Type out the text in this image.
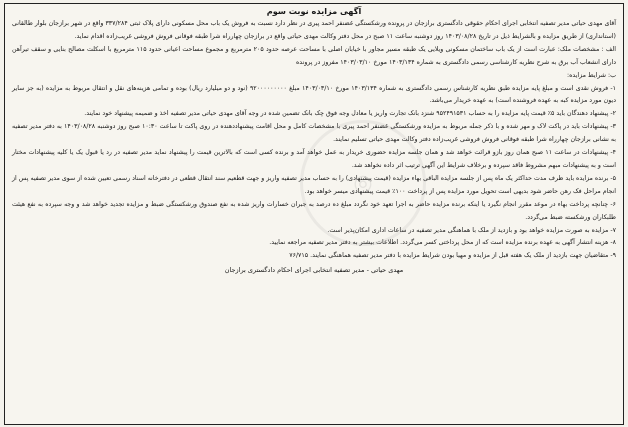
آگهی مزایده نوبت سوم

آقای مهدی حیاتی مدیر تصفیه انتخابی اجرای احکام حقوقی دادگستری برازجان در پرونده ورشکستگی غضنفر احمد پیری در نظر دارد نسبت به فروش یک باب محل مسکونی دارای پلاک ثبتی ۳۳۷/۲۸۴ واقع در شهر برازجان بلوار طالقانی (استانداری) از طریق مزایده و بالشرایط ذیل در تاریخ ۱۴۰۳/۰۸/۲۸ روز دوشنبه ساعت ۱۱ صبح در محل دفتر وکالت مهدی حیاتی واقع در برازجان چهارراه شرا طبقه فوقانی فروش فروشی غریب‌زاده اقدام نماید.

الف : مشخصات ملک: عبارت است از یک باب ساختمان مسکونی ویلایی یک طبقه مسیر مجاور با خیابان اصلی با مساحت عرصه حدود ۲۰۵ مترمربع و مجموع مساحت اعیانی حدود ۱۱۵ مترمربع با اسکلت مصالح بنایی و سقف تیرآهن دارای انشعاب آب برق به شرح نظریه کارشناسی رسمی دادگستری به شماره ۱۴۰۳/۱۳۴ مورخ ۱۴۰۳/۰۳/۱۰ مفروز در پرونده

ب: شرایط مزایده:

۱- فروش نقدی است و مبلغ پایه مزایده طبق نظریه کارشناس رسمی دادگستری به شماره ۱۴۰۳/۱۳۴ مورخ ۱۴۰۳/۰۳/۱۰ مبلغ ۹۲۰۰۰۰۰۰۰۰۰ (نود و دو میلیارد ریال) بوده و تمامی هزینه‌های نقل و انتقال مربوط به مزایده (به جز سایر دیون مورد مزایده کبه به عهده فروشنده است) به عهده خریدار می‌باشد.

۲- پیشنهاد دهندگان باید ۵٪ قیمت پایه مزایده را به حساب ۹۵۲۴۹۱۵۳۱ شنزد بانک تجارت واریز یا معادل وجه فوق چک بانک تضمین شده در وجه آقای مهدی حیاتی مدیر تصفیه اخذ و ضمیمه پیشنهاد خود نمایند.

۳- پیشنهادات باید در پاکت لاک و مهر شده و با ذکر جمله مربوط به مزایده ورشکستگی غضنفر احمد پیری با مشخصات کامل و محل اقامت پیشنهاددهنده در روی پاکت تا ساعت ۱۰:۳۰ صبح روز دوشنبه ۱۴۰۳/۰۸/۲۸ به دفتر مدیر تصفیه به نشانی برازجان چهارراه شرا طبقه فوقانی فروش فروشی غریب‌زاده دفتر وکالت مهدی حیاتی تسلیم نمایند.

۴- پیشنهادات در ساعت ۱۱ صبح همان روز بازو قرائت خواهد شد و همان جلسه مزایده حضوری خریدار به عمل خواهد آمد و برنده کسی است که بالاترین قیمت را پیشنهاد نماید مدیر تصفیه در رد یا قبول یک یا کلیه پیشنهادات مختار است و به پیشنهادات مبهم مشروط فاقد سپرده و برخلاف شرایط این آگهی ترتیب اثر داده نخواهد شد.

۵- برنده مزایده باید ظرف مدت حداکثر یک ماه پس از جلسه مزایده الباقی بهاء مزایده (قیمت پیشنهادی) را به حساب مدیر تصفیه واریز و جهت قطعیم سند انتقال قطعی در دفترخانه اسناد رسمی تعیین شده از سوی مدیر تصفیه پس از انجام مراحل فک رهن حاضر شود بدیهی است تحویل مورد مزایده پس از پرداخت ۱۰۰٪ قیمت پیشنهادی میسر خواهد بود.

۶- چنانچه پرداخت بهاء در موعد مقرر انجام نگیرد یا اینکه برنده مزایده حاضر به اجرا تعهد خود نگردد مبلغ ده درصد به جبران خسارات واریز شده به نفع صندوق ورشکستگی ضبط و مزایده تجدید خواهد شد و وجه سپرده به نفع هیئت طلبکاران ورشکسته ضبط می‌گردد.

۷- مزایده به صورت مزایده خواهد بود و بازدید از ملک با هماهنگی مدیر تصفیه در ساعات اداری امکان‌پذیر است.

۸- هزینه انتشار آگهی به عهده برنده مزایده است که از محل پرداختی کسر می‌گردد. اطلاعات بیشتر به دفتر مدیر تصفیه مراجعه نمایید.

۹- متقاضیان جهت بازدید از ملک یک هفته قبل از مزایده و مهیا بودن شرایط مزایده با دفتر مدیر تصفیه هماهنگی نمایند. ۷۶/۷۱۵

مهدی حیاتی - مدیر تصفیه انتخابی اجرای احکام دادگستری برازجان
